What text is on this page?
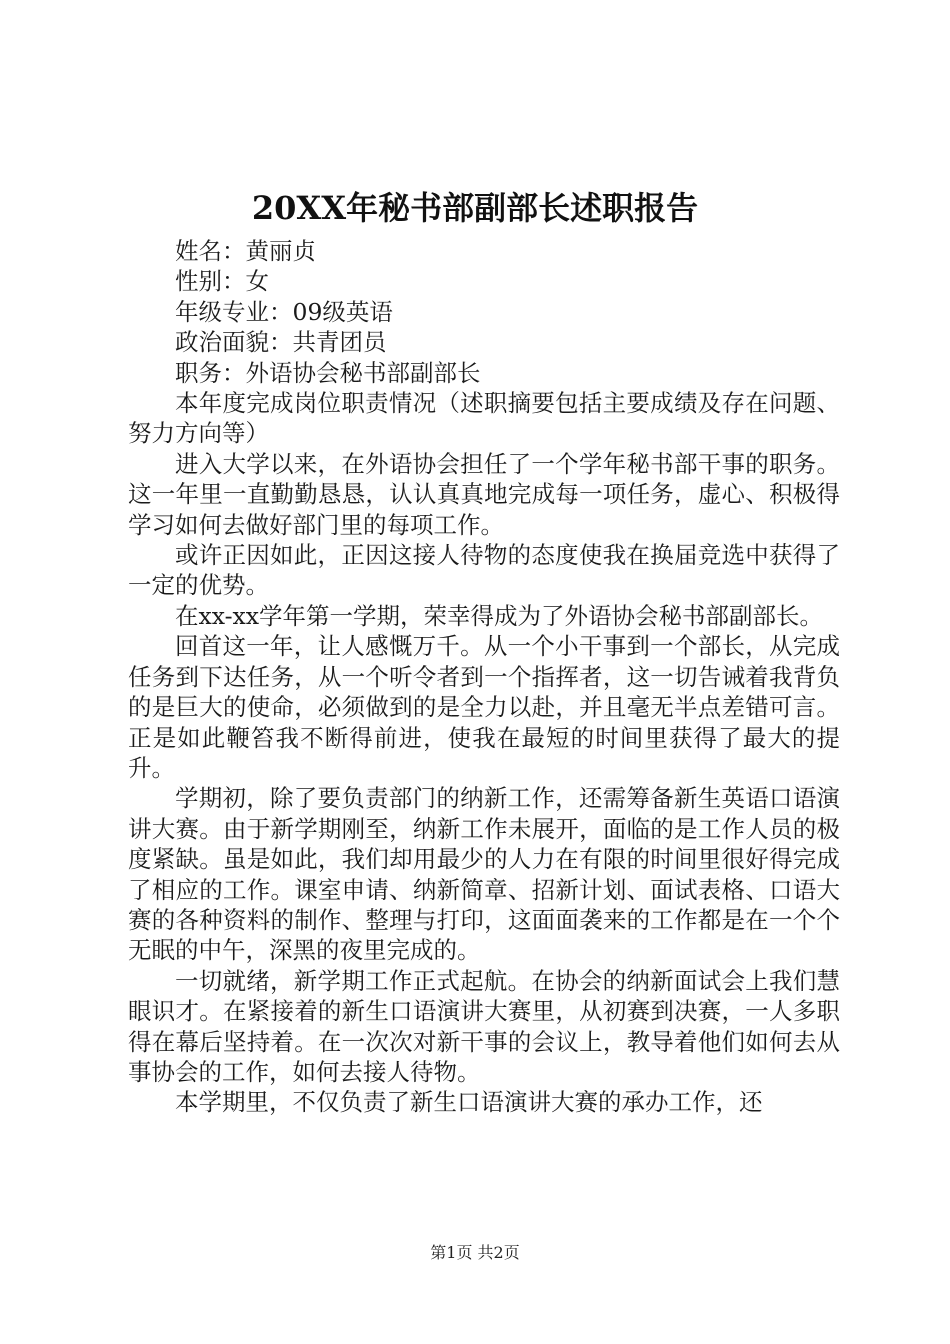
20XX年秘书部副部长述职报告

姓名：黄丽贞

性别：女

年级专业：09级英语

政治面貌：共青团员

职务：外语协会秘书部副部长

本年度完成岗位职责情况（述职摘要包括主要成绩及存在问题、努力方向等）

进入大学以来，在外语协会担任了一个学年秘书部干事的职务。这一年里一直勤勤恳恳，认认真真地完成每一项任务，虚心、积极得学习如何去做好部门里的每项工作。

或许正因如此，正因这接人待物的态度使我在换届竞选中获得了一定的优势。

在xx-xx学年第一学期，荣幸得成为了外语协会秘书部副部长。

回首这一年，让人感慨万千。从一个小干事到一个部长，从完成任务到下达任务，从一个听令者到一个指挥者，这一切告诫着我背负的是巨大的使命，必须做到的是全力以赴，并且毫无半点差错可言。正是如此鞭笞我不断得前进，使我在最短的时间里获得了最大的提升。

学期初，除了要负责部门的纳新工作，还需筹备新生英语口语演讲大赛。由于新学期刚至，纳新工作未展开，面临的是工作人员的极度紧缺。虽是如此，我们却用最少的人力在有限的时间里很好得完成了相应的工作。课室申请、纳新简章、招新计划、面试表格、口语大赛的各种资料的制作、整理与打印，这面面袭来的工作都是在一个个无眠的中午，深黑的夜里完成的。

一切就绪，新学期工作正式起航。在协会的纳新面试会上我们慧眼识才。在紧接着的新生口语演讲大赛里，从初赛到决赛，一人多职得在幕后坚持着。在一次次对新干事的会议上，教导着他们如何去从事协会的工作，如何去接人待物。

本学期里，不仅负责了新生口语演讲大赛的承办工作，还

第1页 共2页
